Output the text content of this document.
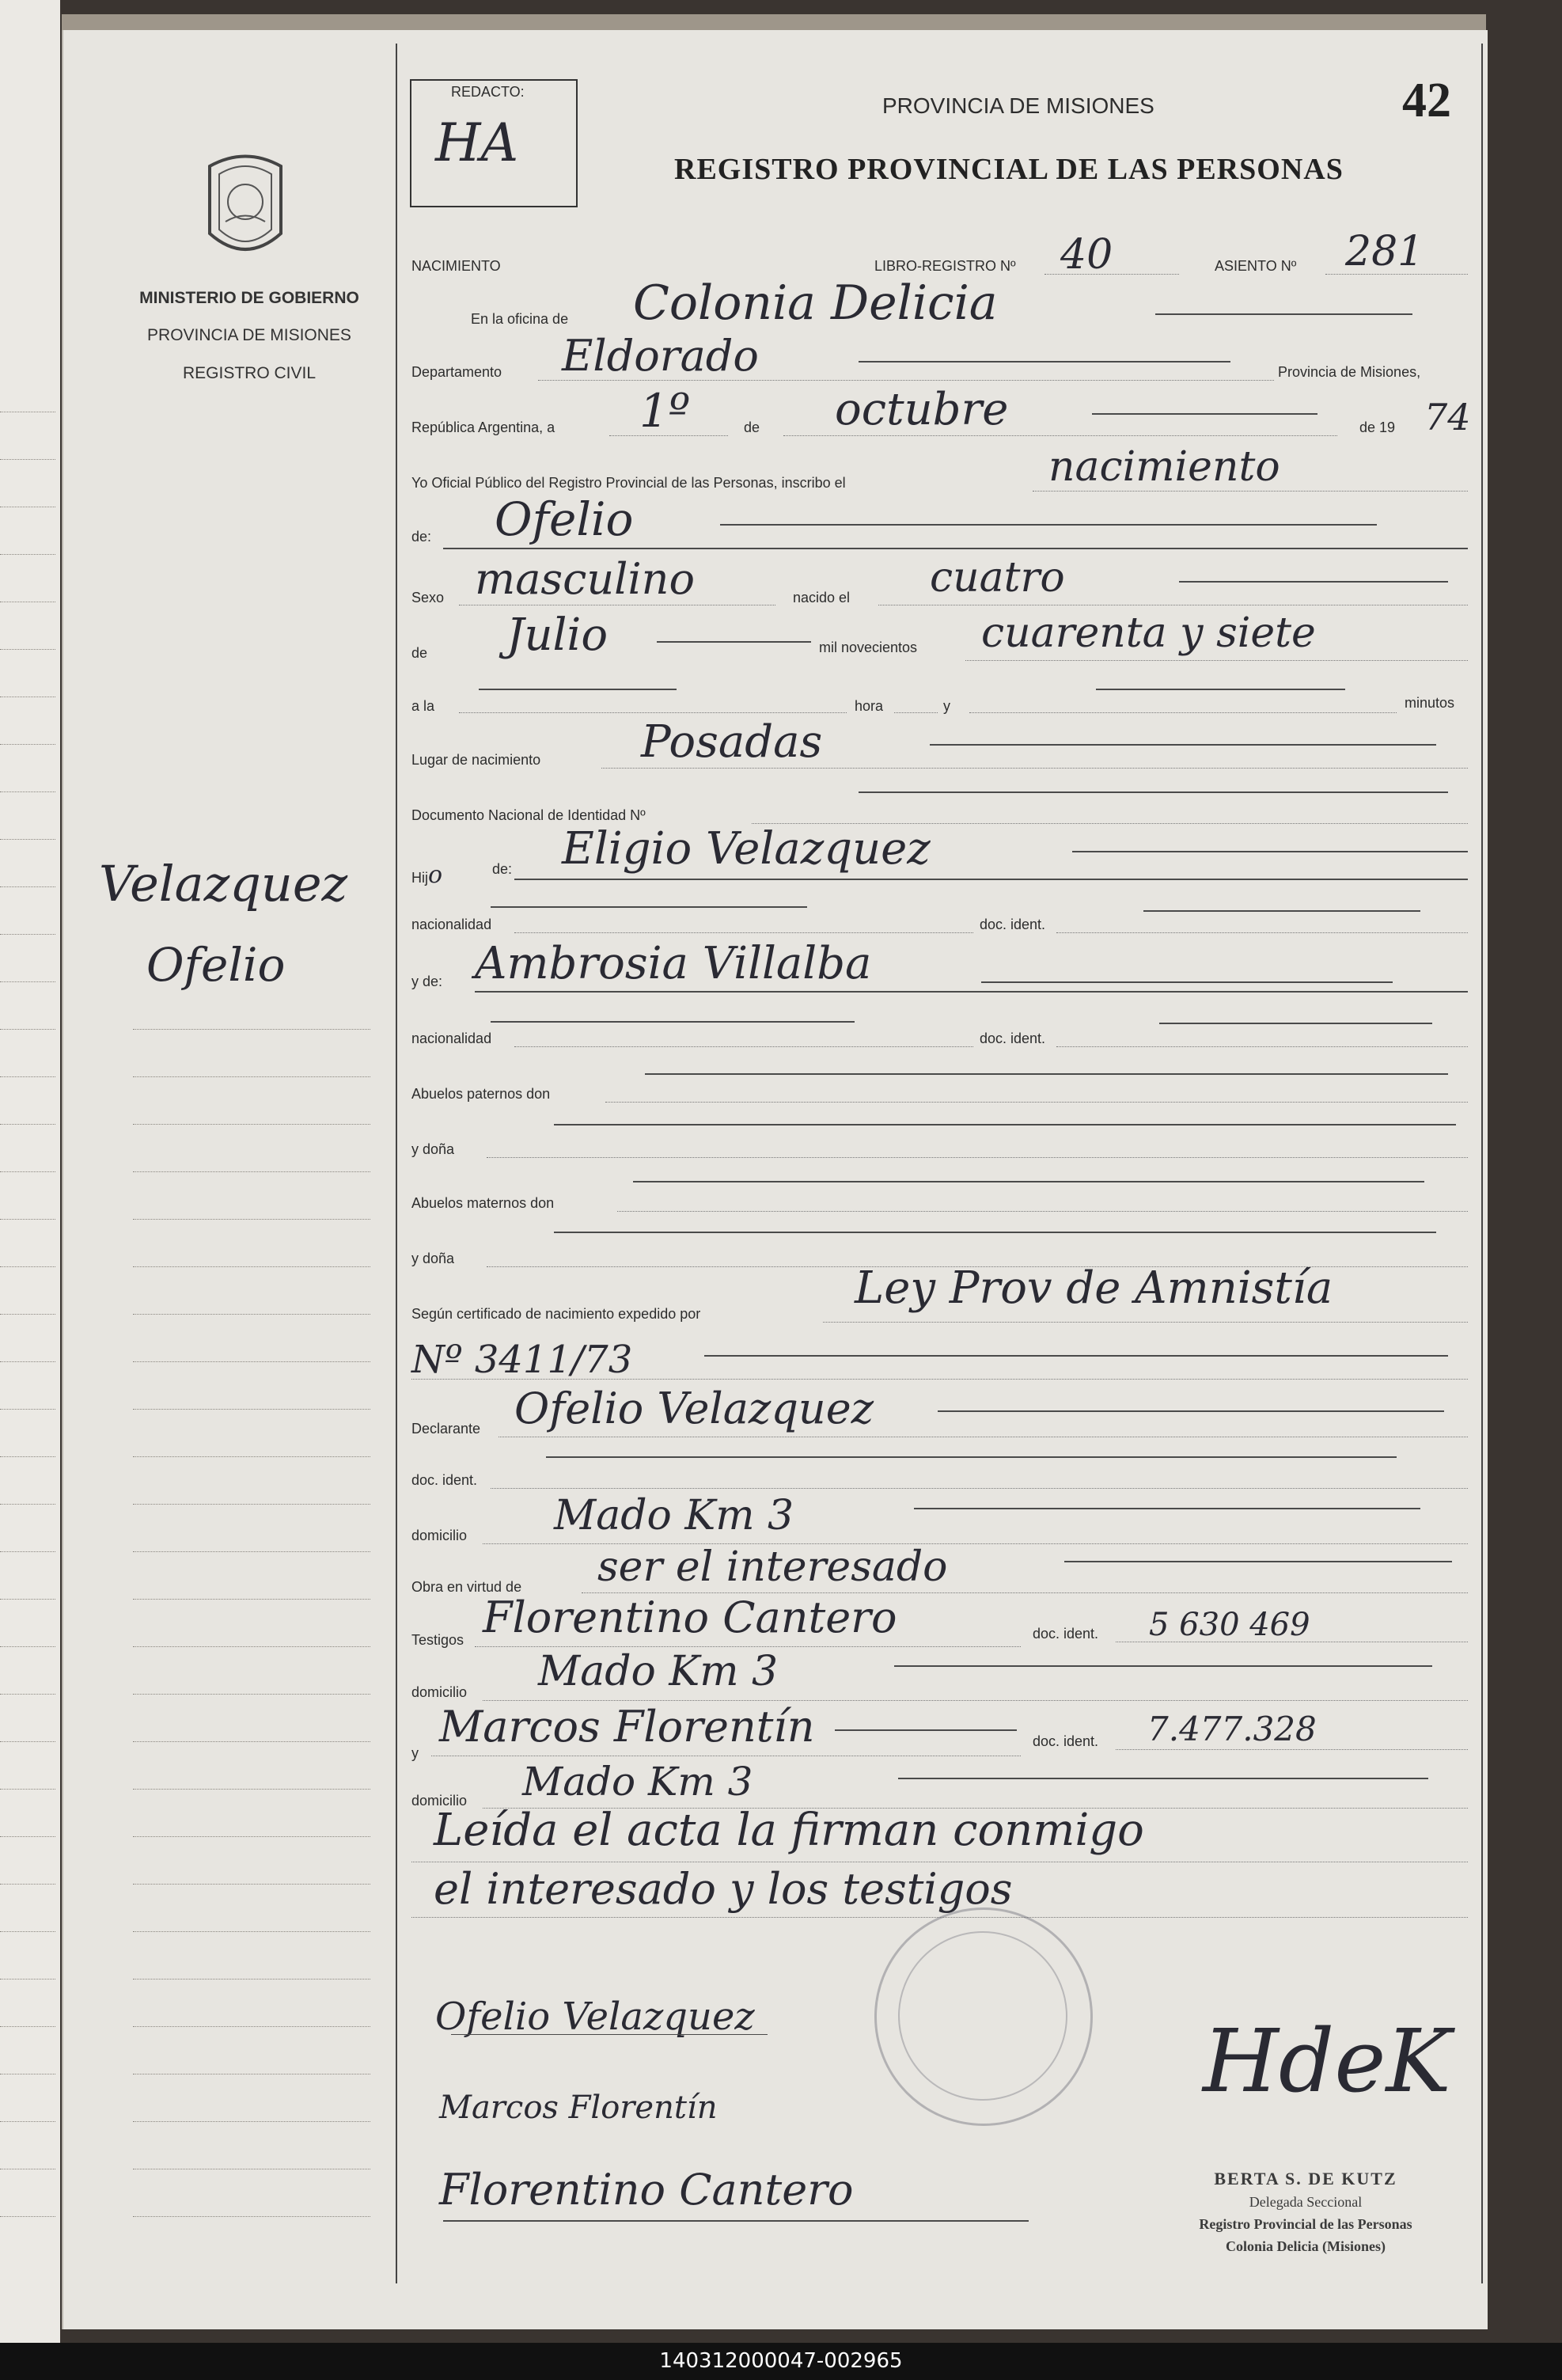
MINISTERIO DE GOBIERNO
PROVINCIA DE MISIONES
REGISTRO CIVIL
Velazquez
Ofelio
REDACTO:
HA
PROVINCIA DE MISIONES
REGISTRO PROVINCIAL DE LAS PERSONAS
42
NACIMIENTO	LIBRO-REGISTRO Nº 40	ASIENTO Nº 281
En la oficina de Colonia Delicia
Departamento Eldorado	Provincia de Misiones,
República Argentina, a 1º	de octubre	de 19 74
Yo Oficial Público del Registro Provincial de las Personas, inscribo el	nacimiento
de: Ofelio
Sexo masculino	nacido el cuatro
de Julio	mil novecientos cuarenta y siete
a la	hora	y	minutos
Lugar de nacimiento Posadas
Documento Nacional de Identidad Nº
Hijo	de: Eligio Velazquez
nacionalidad	doc. ident.
y de: Ambrosia Villalba
nacionalidad	doc. ident.
Abuelos paternos don
y doña
Abuelos maternos don
y doña
Según certificado de nacimiento expedido por	Ley Prov de Amnistía
Nº 3411/73
Declarante Ofelio Velazquez
doc. ident.
domicilio Mado Km 3
Obra en virtud de ser el interesado
Testigos Florentino Cantero	doc. ident. 5 630 469
domicilio Mado Km 3
y
Marcos Florentín	doc. ident. 7.477.328
domicilio Mado Km 3
Leída el acta la firman conmigo
el interesado y los testigos
Ofelio Velazquez
Marcos Florentín
Florentino Cantero
HdeK
BERTA S. DE KUTZ
Delegada Seccional
Registro Provincial de las Personas
Colonia Delicia (Misiones)
140312000047-002965
